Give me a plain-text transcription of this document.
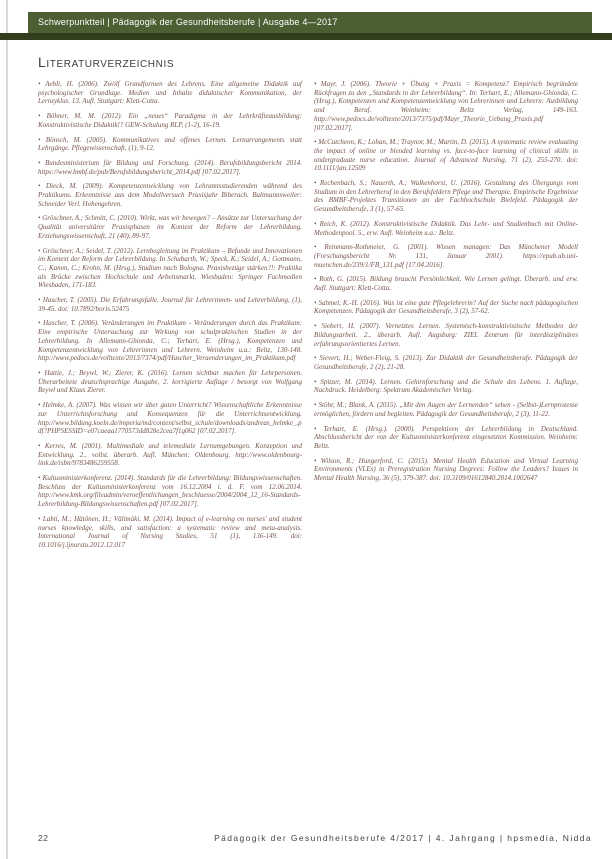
Schwerpunktteil | Pädagogik der Gesundheitsberufe | Ausgabe 4—2017
Literaturverzeichnis

• Aebli, H. (2006). Zwölf Grundformen des Lehrens. Eine allgemeine Didaktik auf psychologischer Grundlage. Medien und Inhalte didaktischer Kommunikation, der Lernzyklus. 13. Aufl. Stuttgart: Klett-Cotta.

• Böhner, M. M. (2012). Ein „neues“ Paradigma in der Lehrkräfteausbildung: Konstruktivistische Didaktik!? GEW-Schulung RLP, (1-2), 16-19.

• Bönsch, M. (2005). Kommunikatives und offenes Lernen. Lernarrangements statt Lehrgänge. Pflegewissenschaft, (1), 9-12.

• Bundesministerium für Bildung und Forschung. (2014). Berufsbildungsbericht 2014. https://www.bmbf.de/pub/Berufsbildungsbericht_2014.pdf [07.02.2017].

• Dieck, M. (2009). Kompetenzentwicklung von Lehramtsstudierenden während des Praktikums. Erkenntnisse aus dem Modellversuch Praxisjahr Biberach. Baltmannsweiler: Schneider Verl. Hohengehren.

• Gröschner, A.; Schmitt, C. (2010). Wirkt, was wir bewegen? – Ansätze zur Untersuchung der Qualität universitärer Praxisphasen im Kontext der Reform der Lehrerbildung. Erziehungswissenschaft, 21 (40), 89-97.

• Gröschner, A.; Seidel, T. (2012). Lernbegleitung im Praktikum – Befunde und Innovationen im Kontext der Reform der Lehrerbildung. In Schubarth, W.; Speck, K.; Seidel, A.; Gottmann, C.; Kamm, C.; Krohn, M. (Hrsg.), Studium nach Bologna. Praxisbezüge stärken?!: Praktika als Brücke zwischen Hochschule und Arbeitsmarkt. Wiesbaden: Springer Fachmedien Wiesbaden, 171-183.

• Hascher, T. (2005). Die Erfahrungsfalle. Journal für Lehrerinnen- und Lehrerbildung, (1), 39-45. doi: 10.7892/boris.52475

• Hascher, T. (2006). Veränderungen im Praktikum - Veränderungen durch das Praktikum: Eine empirische Untersuchung zur Wirkung von schulpraktischen Studien in der Lehrerbildung. In Allemann-Ghionda, C.; Terhart, E. (Hrsg.), Kompetenzen und Kompetenzentwicklung von Lehrerinnen und Lehrern. Weinheim u.a.: Beltz, 130-148. http://www.pedocs.de/volltexte/2013/7374/pdf/Hascher_Veraenderungen_im_Praktikum.pdf

• Hattie, J.; Beywl, W.; Zierer, K. (2016). Lernen sichtbar machen für Lehrpersonen. Überarbeitete deutschsprachige Ausgabe, 2. korrigierte Auflage / besorgt von Wolfgang Beywl und Klaus Zierer.

• Helmke, A. (2007). Was wissen wir über guten Unterricht? Wissenschaftliche Erkenntnisse zur Unterrichtsforschung und Konsequenzen für die Unterrichtsentwicklung. http://www.bildung.koeln.de/imperia/md/content/selbst_schule/downloads/andreas_helmke_.pdf?PHPSESSID=e07caeaa1770573dd828e2cea7f1q062 [07.02.2017].

• Kerres, M. (2001). Multimediale und telemediale Lernumgebungen. Konzeption und Entwicklung. 2., vollst. überarb. Aufl. München: Oldenbourg. http://www.oldenbourg-link.de/isbn/9783486259558.

• Kultusministerkonferenz. (2014). Standards für die Lehrerbildung: Bildungswissenschaften. Beschluss der Kultusministerkonferenz vom 16.12.2004 i. d. F. vom 12.06.2014. http://www.kmk.org/fileadmin/veroeffentlichungen_beschluesse/2004/2004_12_16-Standards-Lehrerbildung-Bildungswissenschaften.pdf [07.02.2017].

• Lahti, M.; Hätönen, H.; Välimäki, M. (2014). Impact of e-learning on nurses' and student nurses knowledge, skills, and satisfaction: a systematic review and meta-analysis. International Journal of Nursing Studies, 51 (1), 136-149. doi: 10.1016/j.ijnurstu.2012.12.017

• Mayr, J. (2006). Theorie + Übung + Praxis = Kompetenz? Empirisch begründete Rückfragen zu den „Standards in der Lehrerbildung“. In: Terhart, E.; Allemann-Ghionda, C. (Hrsg.), Kompetenzen und Kompetenzentwicklung von Lehrerinnen und Lehrern: Ausbildung und Beruf. Weinheim: Beltz Verlag, 149-163. http://www.pedocs.de/volltexte/2013/7375/pdf/Mayr_Theorie_Uebung_Praxis.pdf [07.02.2017].

• McCutcheon, K.; Lohan, M.; Traynor, M.; Martin, D. (2015). A systematic review evaluating the impact of online or blended learning vs. face-to-face learning of clinical skills in undergraduate nurse education. Journal of Advanced Nursing, 71 (2), 255-270. doi: 10.1111/jan.12509

• Rechenbach, S.; Nauerth, A.; Walkenhorst, U. (2016). Gestaltung des Übergangs vom Studium in den Lehrerberuf in den Berufsfeldern Pflege und Therapie. Empirische Ergebnisse des BMBF-Projektes Transitionen an der Fachhochschule Bielefeld. Pädagogik der Gesundheitsberufe, 3 (1), 57-65.

• Reich, K. (2012). Konstruktivistische Didaktik. Das Lehr- und Studienbuch mit Online-Methodenpool. 5., erw. Aufl. Weinheim u.a.: Beltz.

• Reinmann-Rothmeier, G. (2001). Wissen managen: Das Münchener Modell (Forschungsbericht Nr. 131, Januar 2001). https://epub.ub.uni-muenchen.de/239/1/FB_131.pdf [17.04.2016].

• Roth, G. (2015). Bildung braucht Persönlichkeit. Wie Lernen gelingt. Überarb. und erw. Aufl. Stuttgart: Klett-Cotta.

• Sahmel, K.-H. (2016). Was ist eine gute Pflegelehrerin? Auf der Suche nach pädagogischen Kompetenzen. Pädagogik der Gesundheitsberufe, 3 (2), 57-62.

• Siebert, H. (2007). Vernetztes Lernen. Systemisch-konstruktivistische Methoden der Bildungsarbeit. 2., überarb. Aufl. Augsburg: ZIEL Zentrum für interdisziplinäres erfahrungsorientiertes Lernen.

• Sievert, H.; Weber-Fleig, S. (2013). Zur Didaktik der Gesundheitsberufe. Pädagogik der Gesundheitsberufe, 2 (2), 21-28.

• Spitzer, M. (2014). Lernen. Gehirnforschung und die Schule des Lebens. 1. Auflage, Nachdruck. Heidelberg: Spektrum Akademischer Verlag.

• Stöhr, M.; Blank, A. (2015). „Mit den Augen der Lernenden“ sehen - (Selbst-)Lernprozesse ermöglichen, fördern und begleiten. Pädagogik der Gesundheitsberufe, 2 (3), 11-22.

• Terhart, E. (Hrsg.). (2000). Perspektiven der Lehrerbildung in Deutschland. Abschlussbericht der von der Kultusministerkonferenz eingesetzten Kommission. Weinheim: Beltz.

• Wilson, R.; Hungerford, C. (2015). Mental Health Education and Virtual Learning Environments (VLEs) in Preregistration Nursing Degrees: Follow the Leaders? Issues in Mental Health Nursing, 36 (5), 379-387. doi: 10.3109/01612840.2014.1002647

22	Pädagogik der Gesundheitsberufe 4/2017 | 4. Jahrgang | hpsmedia, Nidda
